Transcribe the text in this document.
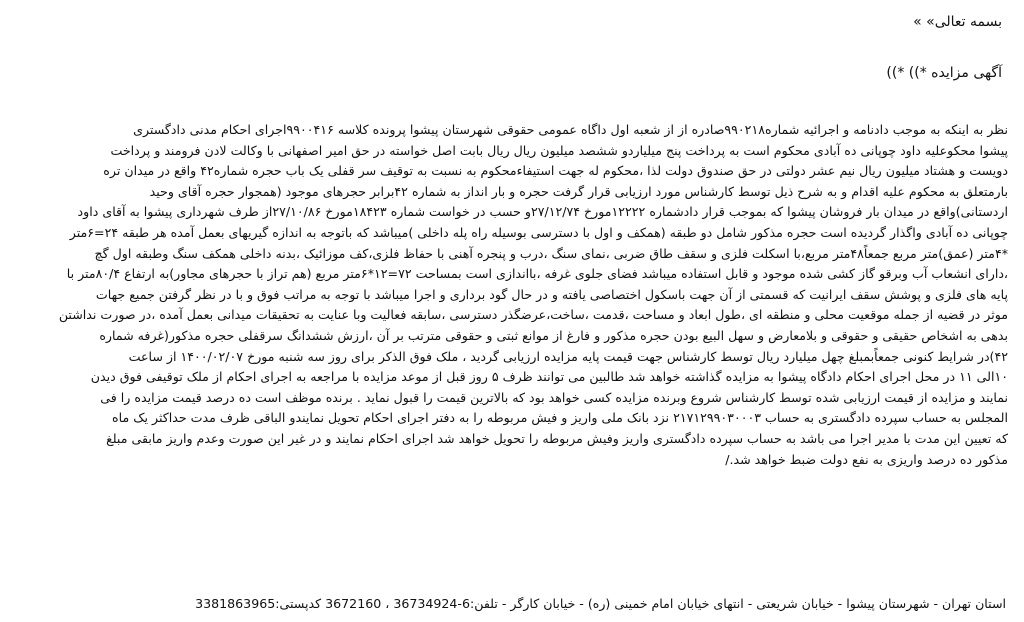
بسمه تعالی» »
آگهی مزایده *)) *))

نظر به اینکه به موجب دادنامه و اجرائیه شماره۹۹۰۲۱۸صادره از از شعبه اول داگاه عمومی حقوقی شهرستان پیشوا پرونده کلاسه ۹۹۰۰۴۱۶اجرای احکام مدنی دادگستری

پیشوا محکوعلیه داود چوپانی ده آبادی محکوم است به پرداخت پنج میلیاردو ششصد میلیون ریال ریال بابت اصل خواسته در حق امیر اصفهانی با وکالت لادن فرومند و پرداخت

دویست و هشتاد میلیون ریال نیم عشر دولتی در حق صندوق دولت لذا ،محکوم له جهت استیفاءمحکوم به نسبت به توقیف سر قفلی یک باب حجره شماره۴۲ واقع در میدان تره

بارمتعلق به محکوم علیه اقدام و به شرح ذیل توسط کارشناس مورد ارزیابی قرار گرفت حجره و بار انداز به شماره ۴۲برابر حجرهای موجود (همجوار حجره آقای وحید

اردستانی)واقع در میدان بار فروشان پیشوا که بموجب قرار دادشماره ۱۲۲۲۲مورخ ۲۷/۱۲/۷۴و حسب در خواست شماره ۱۸۴۲۳مورخ ۲۷/۱۰/۸۶از طرف شهرداری پیشوا به آقای داود

چوپانی ده آبادی واگذار گردیده است حجره مذکور شامل دو طبقه (همکف و اول با دسترسی بوسیله راه پله داخلی )میباشد که باتوجه به اندازه گیریهای بعمل آمده هر طبقه ۲۴=۶متر

*۴متر (عمق)متر مربع جمعاً۴۸متر مربع،با اسکلت فلزی و سقف طاق ضربی ،نمای سنگ ،درب و پنجره آهنی با حفاظ فلزی،کف موزائیک ،بدنه داخلی همکف سنگ وطبقه اول گچ

،دارای انشعاب آب وبرقو گاز کشی شده موجود و قابل استفاده میباشد فضای جلوی غرفه ،بااندازی است بمساحت ۷۲=۱۲*۶متر مربع (هم تراز با حجرهای مجاور)به ارتفاع ۸۰/۴متر با

پایه های فلزی و پوشش سقف ایرانیت که قسمتی از آن جهت باسکول اختصاصی یافته و در حال گود برداری و اجرا میباشد با توجه به مراتب فوق و با در نظر گرفتن جمیع جهات

موثر در قضیه از جمله موقعیت محلی و منطقه ای ،طول ابعاد و مساحت ،قدمت ،ساخت،عرضگذر دسترسی ،سابقه فعالیت وبا عنایت به تحقیقات میدانی بعمل آمده ،در صورت نداشتن

بدهی به اشخاص حقیقی و حقوقی و بلامعارض و سهل البیع بودن حجره مذکور و فارغ از موانع ثبتی و حقوقی مترتب بر آن ،ارزش ششدانگ سرقفلی حجره مذکور(غرفه شماره

۴۲)در شرایط کنونی جمعاًبمبلغ چهل میلیارد ریال توسط کارشناس جهت قیمت پایه مزایده ارزیابی گردید ، ملک فوق الذکر برای روز سه شنبه مورخ ۱۴۰۰/۰۲/۰۷ از ساعت

۱۰الی ۱۱ در محل اجرای احکام دادگاه پیشوا به مزایده گذاشته خواهد شد طالبین می توانند ظرف ۵ روز قبل از موعد مزایده با مراجعه به اجرای احکام از ملک توقیفی فوق دیدن

نمایند و مزایده از قیمت ارزیابی شده توسط کارشناس شروع وبرنده مزایده کسی خواهد بود که بالاترین قیمت را قبول نماید . برنده موظف است ده درصد قیمت مزایده را فی

المجلس به حساب سپرده دادگستری به حساب ۲۱۷۱۲۹۹۰۳۰۰۰۳ نزد بانک ملی واریز و فیش مربوطه را به دفتر اجرای احکام تحویل نمایندو الباقی ظرف مدت حداکثر یک ماه

که تعیین این مدت با مدیر اجرا می باشد به حساب سپرده دادگستری واریز وفیش مربوطه را تحویل خواهد شد اجرای احکام نمایند و در غیر این صورت وعدم واریز مابقی مبلغ

مذکور ده درصد واریزی به نفع دولت ضبط خواهد شد./

استان تهران - شهرستان پیشوا - خیابان شریعتی - انتهای خیابان امام خمینی (ره) - خیابان کارگر - تلفن:6-36734924 ، 3672160 کدپستی:3381863965
